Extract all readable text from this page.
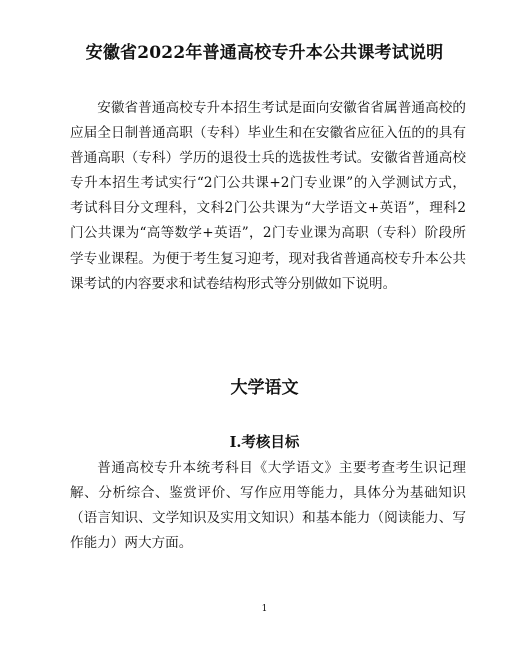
安徽省2022年普通高校专升本公共课考试说明

安徽省普通高校专升本招生考试是面向安徽省省属普通高校的应届全日制普通高职（专科）毕业生和在安徽省应征入伍的的具有普通高职（专科）学历的退役士兵的选拔性考试。安徽省普通高校专升本招生考试实行“2门公共课+2门专业课”的入学测试方式，考试科目分文理科，文科2门公共课为“大学语文+英语”，理科2门公共课为“高等数学+英语”，2门专业课为高职（专科）阶段所学专业课程。为便于考生复习迎考，现对我省普通高校专升本公共课考试的内容要求和试卷结构形式等分别做如下说明。

大学语文
I.考核目标

普通高校专升本统考科目《大学语文》主要考查考生识记理解、分析综合、鉴赏评价、写作应用等能力，具体分为基础知识（语言知识、文学知识及实用文知识）和基本能力（阅读能力、写作能力）两大方面。

1
